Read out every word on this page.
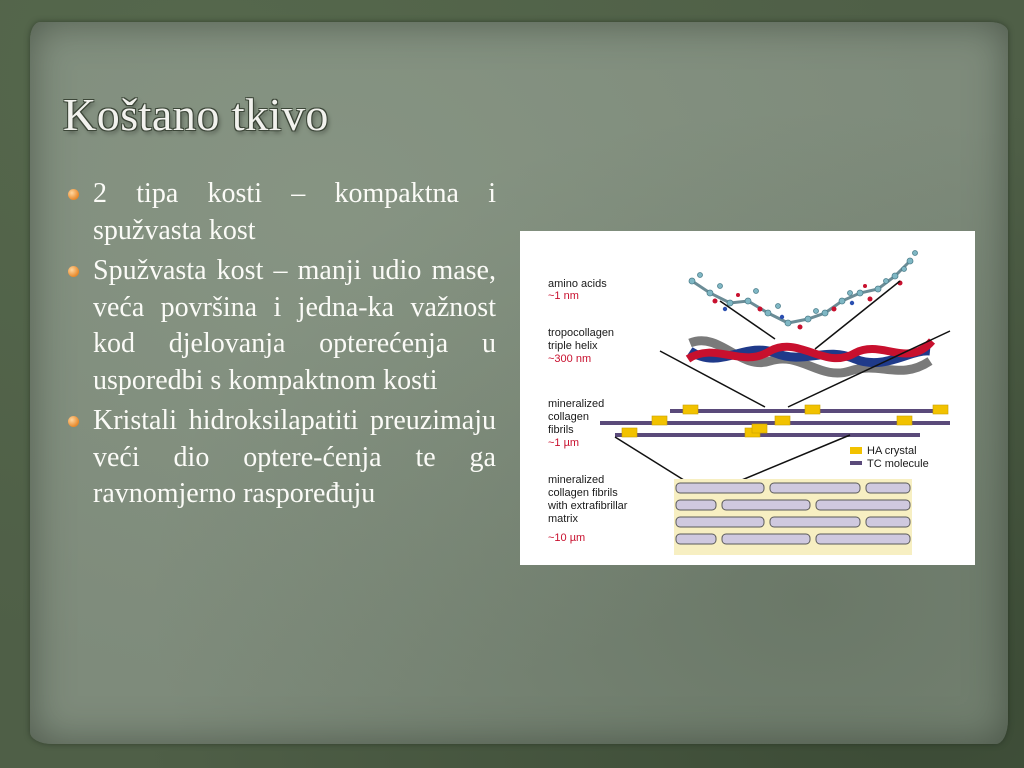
Koštano tkivo
2 tipa kosti – kompaktna i spužvasta kost
Spužvasta kost – manji udio mase, veća površina i jedna-ka važnost kod djelovanja opterećenja u usporedbi s kompaktnom kosti
Kristali hidroksilapatiti preuzimaju veći dio optere-ćenja te ga ravnomjerno raspoređuju
amino acids
~1 nm
tropocollagen
triple helix
~300 nm
mineralized
collagen
fibrils
~1 µm
mineralized
collagen fibrils
with extrafibrillar
matrix
~10 µm
HA crystal
TC molecule
